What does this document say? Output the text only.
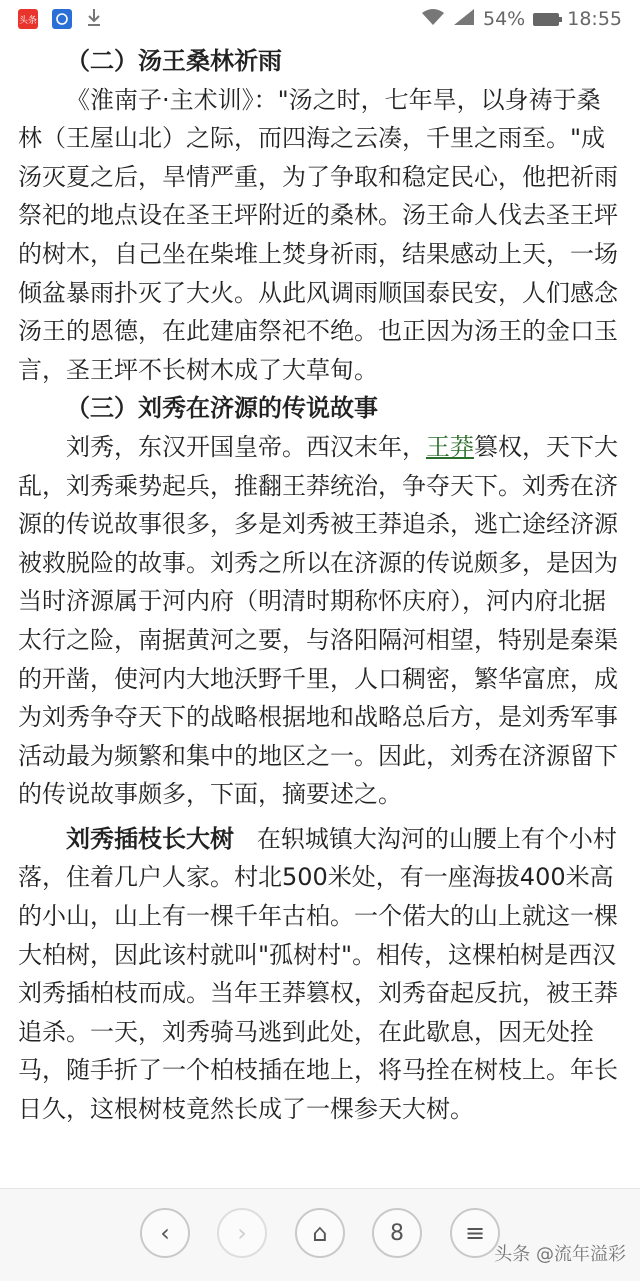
头条	54% 18:55

（二）汤王桑林祈雨

《淮南子·主术训》："汤之时，七年旱，以身祷于桑林（王屋山北）之际，而四海之云凑，千里之雨至。"成汤灭夏之后，旱情严重，为了争取和稳定民心，他把祈雨祭祀的地点设在圣王坪附近的桑林。汤王命人伐去圣王坪的树木，自己坐在柴堆上焚身祈雨，结果感动上天，一场倾盆暴雨扑灭了大火。从此风调雨顺国泰民安，人们感念汤王的恩德，在此建庙祭祀不绝。也正因为汤王的金口玉言，圣王坪不长树木成了大草甸。

（三）刘秀在济源的传说故事

刘秀，东汉开国皇帝。西汉末年，王莽篡权，天下大乱，刘秀乘势起兵，推翻王莽统治，争夺天下。刘秀在济源的传说故事很多，多是刘秀被王莽追杀，逃亡途经济源被救脱险的故事。刘秀之所以在济源的传说颇多，是因为当时济源属于河内府（明清时期称怀庆府），河内府北据太行之险，南据黄河之要，与洛阳隔河相望，特别是秦渠的开凿，使河内大地沃野千里，人口稠密，繁华富庶，成为刘秀争夺天下的战略根据地和战略总后方，是刘秀军事活动最为频繁和集中的地区之一。因此，刘秀在济源留下的传说故事颇多，下面，摘要述之。

刘秀插枝长大树 在轵城镇大沟河的山腰上有个小村落，住着几户人家。村北500米处，有一座海拔400米高的小山，山上有一棵千年古柏。一个偌大的山上就这一棵大柏树，因此该村就叫"孤树村"。相传，这棵柏树是西汉刘秀插柏枝而成。当年王莽篡权，刘秀奋起反抗，被王莽追杀。一天，刘秀骑马逃到此处，在此歇息，因无处拴马，随手折了一个柏枝插在地上，将马拴在树枝上。年长日久，这根树枝竟然长成了一棵参天大树。

‹	›	⌂	8	≡
头条 @流年溢彩
